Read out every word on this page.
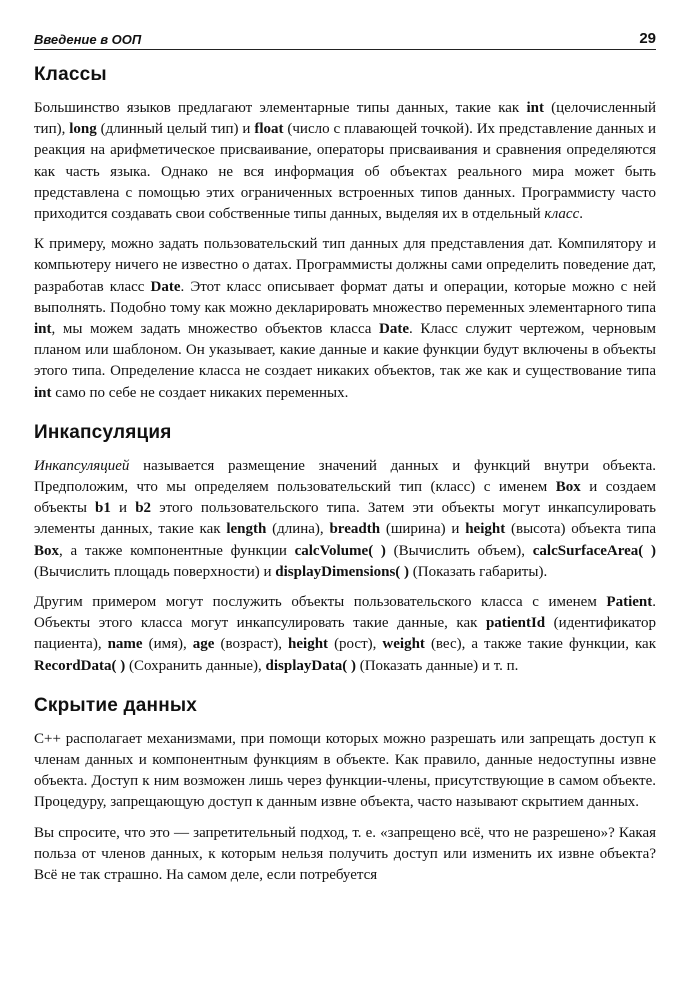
Введение в ООП	29
Классы

Большинство языков предлагают элементарные типы данных, такие как int (целочисленный тип), long (длинный целый тип) и float (число с плавающей точкой). Их представление данных и реакция на арифметическое присваивание, операторы присваивания и сравнения определяются как часть языка. Однако не вся информация об объектах реального мира может быть представлена с помощью этих ограниченных встроенных типов данных. Программисту часто приходится создавать свои собственные типы данных, выделяя их в отдельный класс.

К примеру, можно задать пользовательский тип данных для представления дат. Компилятору и компьютеру ничего не известно о датах. Программисты должны сами определить поведение дат, разработав класс Date. Этот класс описывает формат даты и операции, которые можно с ней выполнять. Подобно тому как можно декларировать множество переменных элементарного типа int, мы можем задать множество объектов класса Date. Класс служит чертежом, черновым планом или шаблоном. Он указывает, какие данные и какие функции будут включены в объекты этого типа. Определение класса не создает никаких объектов, так же как и существование типа int само по себе не создает никаких переменных.

Инкапсуляция

Инкапсуляцией называется размещение значений данных и функций внутри объекта. Предположим, что мы определяем пользовательский тип (класс) с именем Box и создаем объекты b1 и b2 этого пользовательского типа. Затем эти объекты могут инкапсулировать элементы данных, такие как length (длина), breadth (ширина) и height (высота) объекта типа Box, а также компонентные функции calcVolume( ) (Вычислить объем), calcSurfaceArea( ) (Вычислить площадь поверхности) и displayDimensions( ) (Показать габариты).

Другим примером могут послужить объекты пользовательского класса с именем Patient. Объекты этого класса могут инкапсулировать такие данные, как patientId (идентификатор пациента), name (имя), age (возраст), height (рост), weight (вес), а также такие функции, как RecordData( ) (Сохранить данные), displayData( ) (Показать данные) и т. п.

Скрытие данных

C++ располагает механизмами, при помощи которых можно разрешать или запрещать доступ к членам данных и компонентным функциям в объекте. Как правило, данные недоступны извне объекта. Доступ к ним возможен лишь через функции-члены, присутствующие в самом объекте. Процедуру, запрещающую доступ к данным извне объекта, часто называют скрытием данных.

Вы спросите, что это — запретительный подход, т. е. «запрещено всё, что не разрешено»? Какая польза от членов данных, к которым нельзя получить доступ или изменить их извне объекта? Всё не так страшно. На самом деле, если потребуется
